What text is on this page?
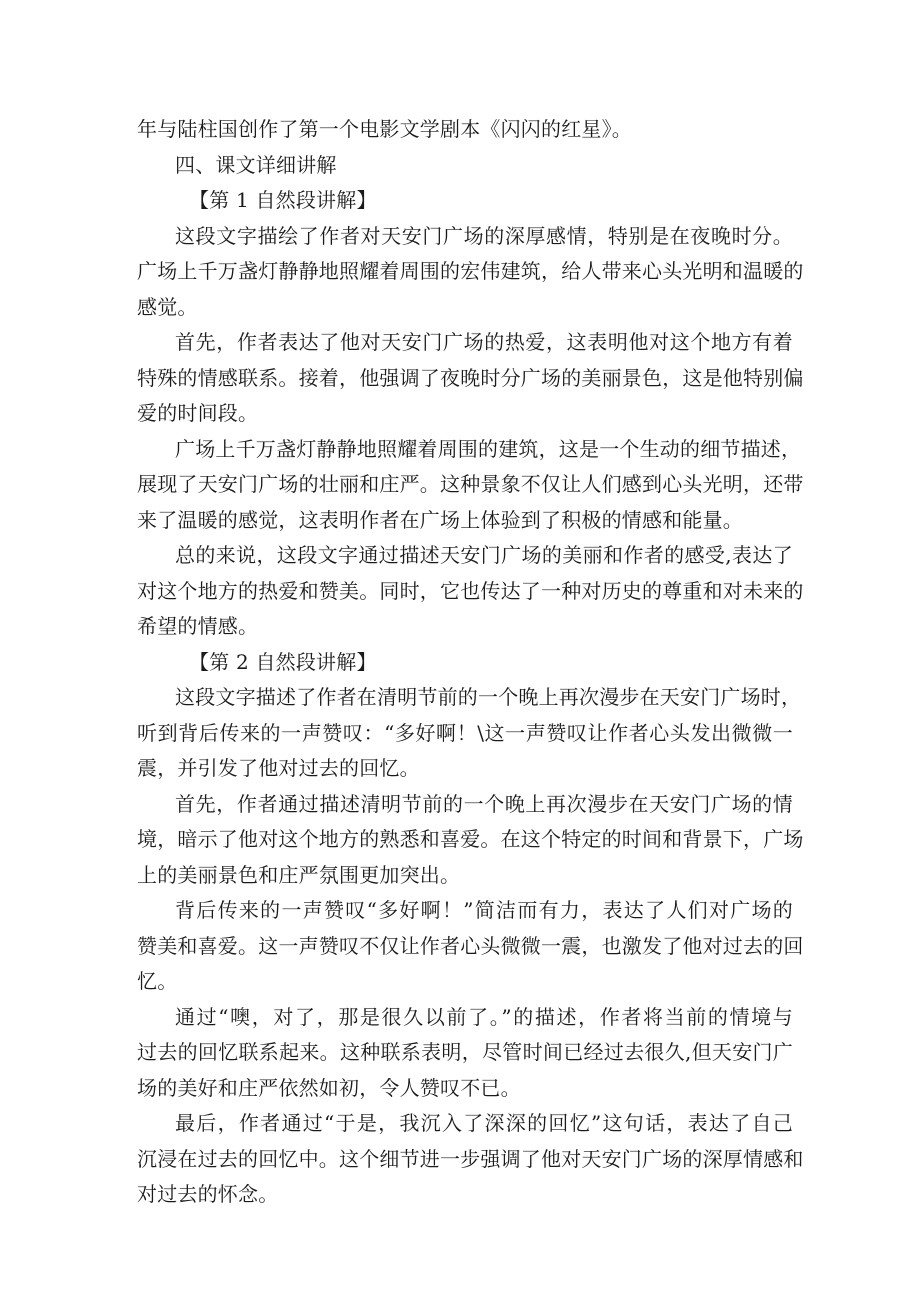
年与陆柱国创作了第一个电影文学剧本《闪闪的红星》。
四、课文详细讲解
【第 1 自然段讲解】
这段文字描绘了作者对天安门广场的深厚感情，特别是在夜晚时分。
广场上千万盏灯静静地照耀着周围的宏伟建筑，给人带来心头光明和温暖的
感觉。
首先，作者表达了他对天安门广场的热爱，这表明他对这个地方有着
特殊的情感联系。接着，他强调了夜晚时分广场的美丽景色，这是他特别偏
爱的时间段。
广场上千万盏灯静静地照耀着周围的建筑，这是一个生动的细节描述，
展现了天安门广场的壮丽和庄严。这种景象不仅让人们感到心头光明，还带
来了温暖的感觉，这表明作者在广场上体验到了积极的情感和能量。
总的来说，这段文字通过描述天安门广场的美丽和作者的感受,表达了
对这个地方的热爱和赞美。同时，它也传达了一种对历史的尊重和对未来的
希望的情感。
【第 2 自然段讲解】
这段文字描述了作者在清明节前的一个晚上再次漫步在天安门广场时，
听到背后传来的一声赞叹：“多好啊！\这一声赞叹让作者心头发出微微一
震，并引发了他对过去的回忆。
首先，作者通过描述清明节前的一个晚上再次漫步在天安门广场的情
境，暗示了他对这个地方的熟悉和喜爱。在这个特定的时间和背景下，广场
上的美丽景色和庄严氛围更加突出。
背后传来的一声赞叹“多好啊！”简洁而有力，表达了人们对广场的
赞美和喜爱。这一声赞叹不仅让作者心头微微一震，也激发了他对过去的回
忆。
通过“噢，对了，那是很久以前了。”的描述，作者将当前的情境与
过去的回忆联系起来。这种联系表明，尽管时间已经过去很久,但天安门广
场的美好和庄严依然如初，令人赞叹不已。
最后，作者通过“于是，我沉入了深深的回忆”这句话，表达了自己
沉浸在过去的回忆中。这个细节进一步强调了他对天安门广场的深厚情感和
对过去的怀念。
